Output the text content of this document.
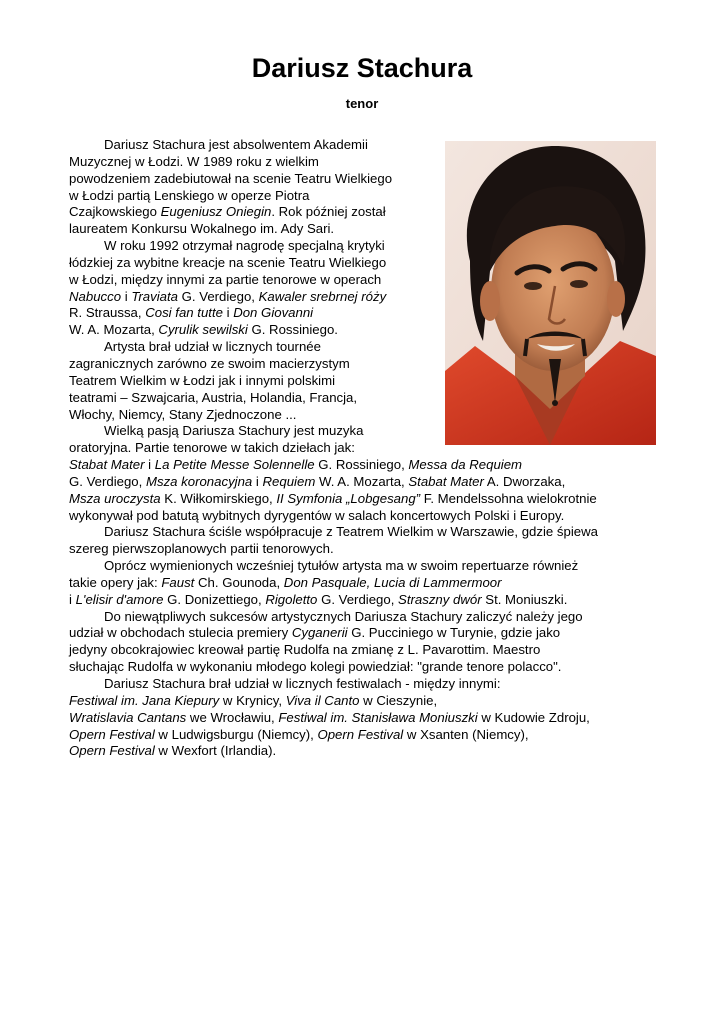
Dariusz Stachura
tenor
Dariusz Stachura jest absolwentem Akademii
Muzycznej w Łodzi. W 1989 roku z wielkim
powodzeniem zadebiutował na scenie Teatru Wielkiego
w Łodzi partią Lenskiego w operze Piotra
Czajkowskiego Eugeniusz Oniegin. Rok później został
laureatem Konkursu Wokalnego im. Ady Sari.
W roku 1992 otrzymał nagrodę specjalną krytyki
łódzkiej za wybitne kreacje na scenie Teatru Wielkiego
w Łodzi, między innymi za partie tenorowe w operach
Nabucco i Traviata G. Verdiego, Kawaler srebrnej róży
R. Straussa, Cosi fan tutte i Don Giovanni
W. A. Mozarta, Cyrulik sewilski G. Rossiniego.
Artysta brał udział w licznych tournée
zagranicznych zarówno ze swoim macierzystym
Teatrem Wielkim w Łodzi jak i innymi polskimi
teatrami – Szwajcaria, Austria, Holandia, Francja,
Włochy, Niemcy, Stany Zjednoczone ...
Wielką pasją Dariusza Stachury jest muzyka
oratoryjna. Partie tenorowe w takich dziełach jak:
Stabat Mater i La Petite Messe Solennelle G. Rossiniego, Messa da Requiem
G. Verdiego, Msza koronacyjna i Requiem W. A. Mozarta, Stabat Mater A. Dworzaka,
Msza uroczysta K. Wiłkomirskiego, II Symfonia „Lobgesang” F. Mendelssohna wielokrotnie
wykonywał pod batutą wybitnych dyrygentów w salach koncertowych Polski i Europy.
Dariusz Stachura ściśle współpracuje z Teatrem Wielkim w Warszawie, gdzie śpiewa
szereg pierwszoplanowych partii tenorowych.
Oprócz wymienionych wcześniej tytułów artysta ma w swoim repertuarze również
takie opery jak: Faust Ch. Gounoda, Don Pasquale, Lucia di Lammermoor
i L'elisir d'amore G. Donizettiego, Rigoletto G. Verdiego, Straszny dwór St. Moniuszki.
Do niewątpliwych sukcesów artystycznych Dariusza Stachury zaliczyć należy jego
udział w obchodach stulecia premiery Cyganerii G. Pucciniego w Turynie, gdzie jako
jedyny obcokrajowiec kreował partię Rudolfa na zmianę z L. Pavarottim. Maestro
słuchając Rudolfa w wykonaniu młodego kolegi powiedział: "grande tenore polacco".
Dariusz Stachura brał udział w licznych festiwalach - między innymi:
Festiwal im. Jana Kiepury w Krynicy, Viva il Canto w Cieszynie,
Wratislavia Cantans we Wrocławiu, Festiwal im. Stanisława Moniuszki w Kudowie Zdroju,
Opern Festival w Ludwigsburgu (Niemcy), Opern Festival w Xsanten (Niemcy),
Opern Festival w Wexfort (Irlandia).
